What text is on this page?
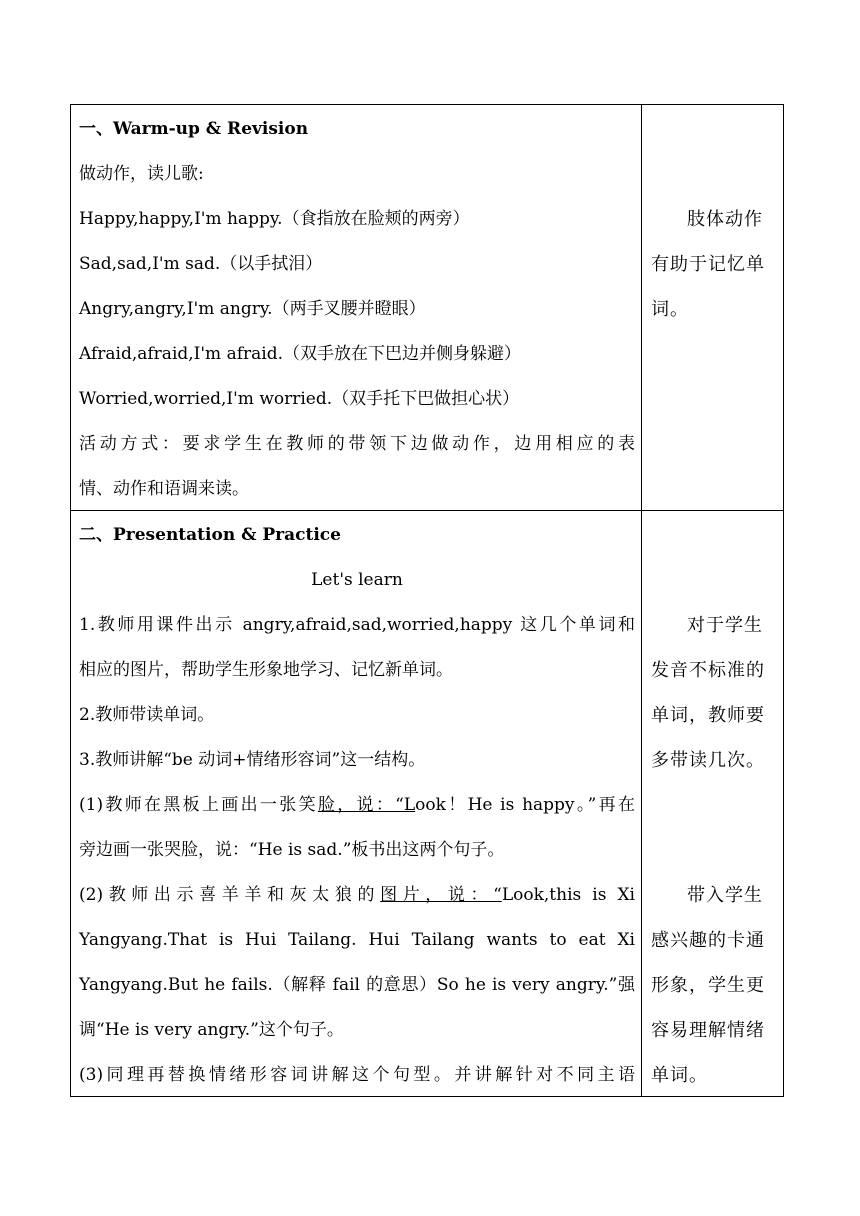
一、Warm-up & Revision
做动作，读儿歌:
Happy,happy,I'm happy.（食指放在脸颊的两旁）
Sad,sad,I'm sad.（以手拭泪）
Angry,angry,I'm angry.（两手叉腰并瞪眼）
Afraid,afraid,I'm afraid.（双手放在下巴边并侧身躲避）
Worried,worried,I'm worried.（双手托下巴做担心状）
活动方式：要求学生在教师的带领下边做动作，边用相应的表
情、动作和语调来读。
肢体动作
有助于记忆单
词。
二、Presentation & Practice
Let's learn
1.教师用课件出示 angry,afraid,sad,worried,happy 这几个单词和
相应的图片，帮助学生形象地学习、记忆新单词。
2.教师带读单词。
3.教师讲解“be 动词+情绪形容词”这一结构。
(1)教师在黑板上画出一张笑脸，说：“Look！He is happy。”再在
旁边画一张哭脸，说：“He is sad.”板书出这两个句子。
(2)教师出示喜羊羊和灰太狼的图片，说：“Look,this is Xi
Yangyang.That is Hui Tailang. Hui Tailang wants to eat Xi
Yangyang.But he fails.（解释 fail 的意思）So he is very angry.”强
调“He is very angry.”这个句子。
(3)同理再替换情绪形容词讲解这个句型。并讲解针对不同主语
对于学生
发音不标准的
单词，教师要
多带读几次。
带入学生
感兴趣的卡通
形象，学生更
容易理解情绪
单词。
